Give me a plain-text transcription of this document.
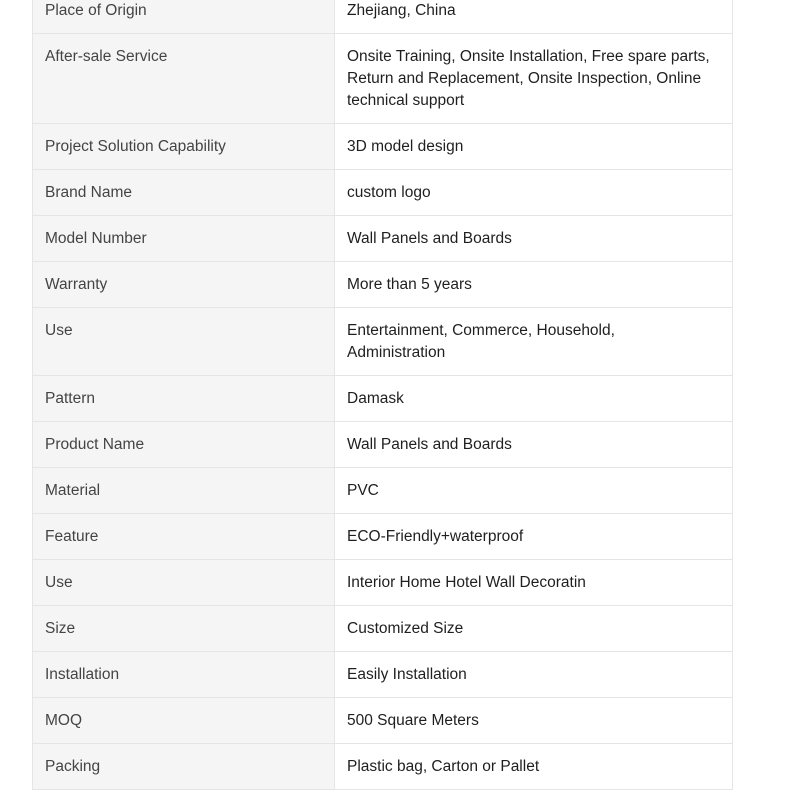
Place of Origin	Zhejiang, China
After-sale Service	Onsite Training, Onsite Installation, Free spare parts, Return and Replacement, Onsite Inspection, Online technical support
Project Solution Capability	3D model design
Brand Name	custom logo
Model Number	Wall Panels and Boards
Warranty	More than 5 years
Use	Entertainment, Commerce, Household, Administration
Pattern	Damask
Product Name	Wall Panels and Boards
Material	PVC
Feature	ECO-Friendly+waterproof
Use	Interior Home Hotel Wall Decoratin
Size	Customized Size
Installation	Easily Installation
MOQ	500 Square Meters
Packing	Plastic bag, Carton or Pallet
